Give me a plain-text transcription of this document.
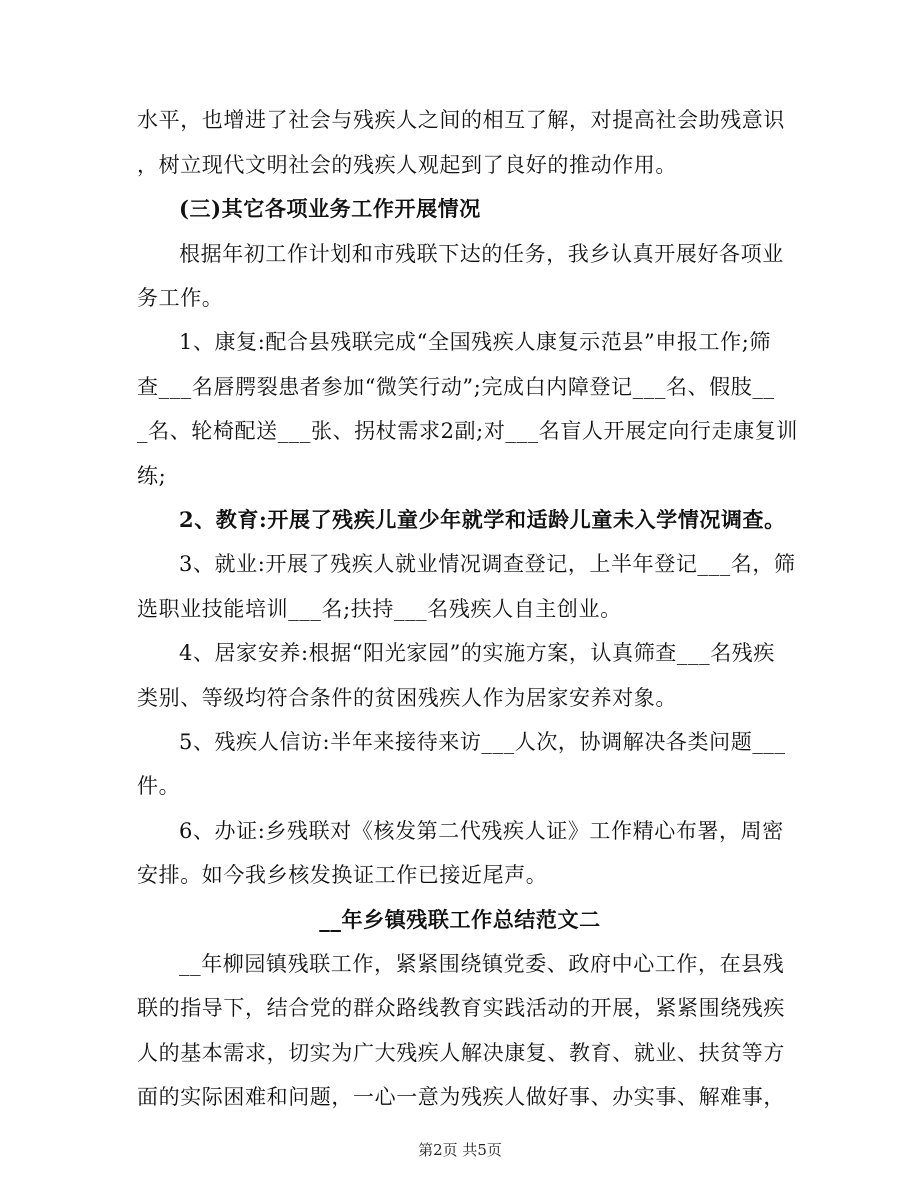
水平，也增进了社会与残疾人之间的相互了解，对提高社会助残意识
，树立现代文明社会的残疾人观起到了良好的推动作用。
(三)其它各项业务工作开展情况
根据年初工作计划和市残联下达的任务，我乡认真开展好各项业
务工作。
1、康复:配合县残联完成“全国残疾人康复示范县”申报工作;筛
查___名唇腭裂患者参加“微笑行动”;完成白内障登记___名、假肢__
_名、轮椅配送___张、拐杖需求2副;对___名盲人开展定向行走康复训
练;
2、教育:开展了残疾儿童少年就学和适龄儿童未入学情况调查。
3、就业:开展了残疾人就业情况调查登记，上半年登记___名，筛
选职业技能培训___名;扶持___名残疾人自主创业。
4、居家安养:根据“阳光家园”的实施方案，认真筛查___名残疾
类别、等级均符合条件的贫困残疾人作为居家安养对象。
5、残疾人信访:半年来接待来访___人次，协调解决各类问题___
件。
6、办证:乡残联对《核发第二代残疾人证》工作精心布署，周密
安排。如今我乡核发换证工作已接近尾声。
__年乡镇残联工作总结范文二
__年柳园镇残联工作，紧紧围绕镇党委、政府中心工作，在县残
联的指导下，结合党的群众路线教育实践活动的开展，紧紧围绕残疾
人的基本需求，切实为广大残疾人解决康复、教育、就业、扶贫等方
面的实际困难和问题，一心一意为残疾人做好事、办实事、解难事，
第2页 共5页
